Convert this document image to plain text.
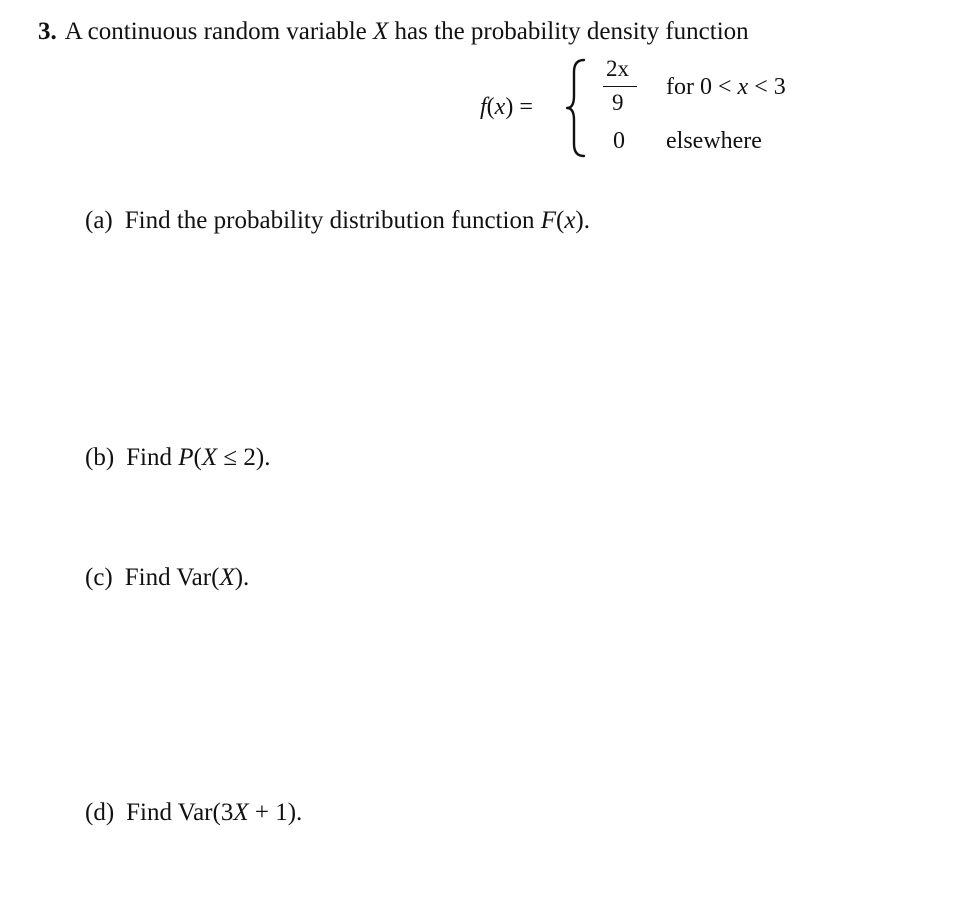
3. A continuous random variable X has the probability density function
f(x) =
2x
9
for 0 < x < 3
0 elsewhere
(a) Find the probability distribution function F(x).
(b) Find P(X ≤ 2).
(c) Find Var(X).
(d) Find Var(3X + 1).
